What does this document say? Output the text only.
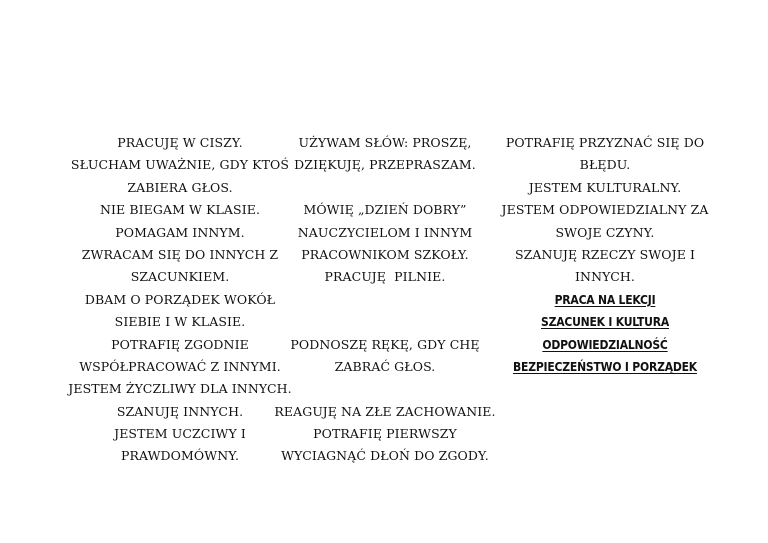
PRACUJĘ W CISZY.
SŁUCHAM UWAŻNIE, GDY KTOŚ
ZABIERA GŁOS.
NIE BIEGAM W KLASIE.
POMAGAM INNYM.
ZWRACAM SIĘ DO INNYCH Z
SZACUNKIEM.
DBAM O PORZĄDEK WOKÓŁ
SIEBIE I W KLASIE.
POTRAFIĘ ZGODNIE
WSPÓŁPRACOWAĆ Z INNYMI.
JESTEM ŻYCZLIWY DLA INNYCH.
SZANUJĘ INNYCH.
JESTEM UCZCIWY I
PRAWDOMÓWNY.
UŻYWAM SŁÓW: PROSZĘ,
DZIĘKUJĘ, PRZEPRASZAM.
MÓWIĘ „DZIEŃ DOBRY”
NAUCZYCIELOM I INNYM
PRACOWNIKOM SZKOŁY.
PRACUJĘ  PILNIE.
PODNOSZĘ RĘKĘ, GDY CHĘ
ZABRAĆ GŁOS.
REAGUJĘ NA ZŁE ZACHOWANIE.
POTRAFIĘ PIERWSZY
WYCIAGNĄĆ DŁOŃ DO ZGODY.
POTRAFIĘ PRZYZNAĆ SIĘ DO
BŁĘDU.
JESTEM KULTURALNY.
JESTEM ODPOWIEDZIALNY ZA
SWOJE CZYNY.
SZANUJĘ RZECZY SWOJE I
INNYCH.
PRACA NA LEKCJI
SZACUNEK I KULTURA
ODPOWIEDZIALNOŚĆ
BEZPIECZEŃSTWO I PORZĄDEK
